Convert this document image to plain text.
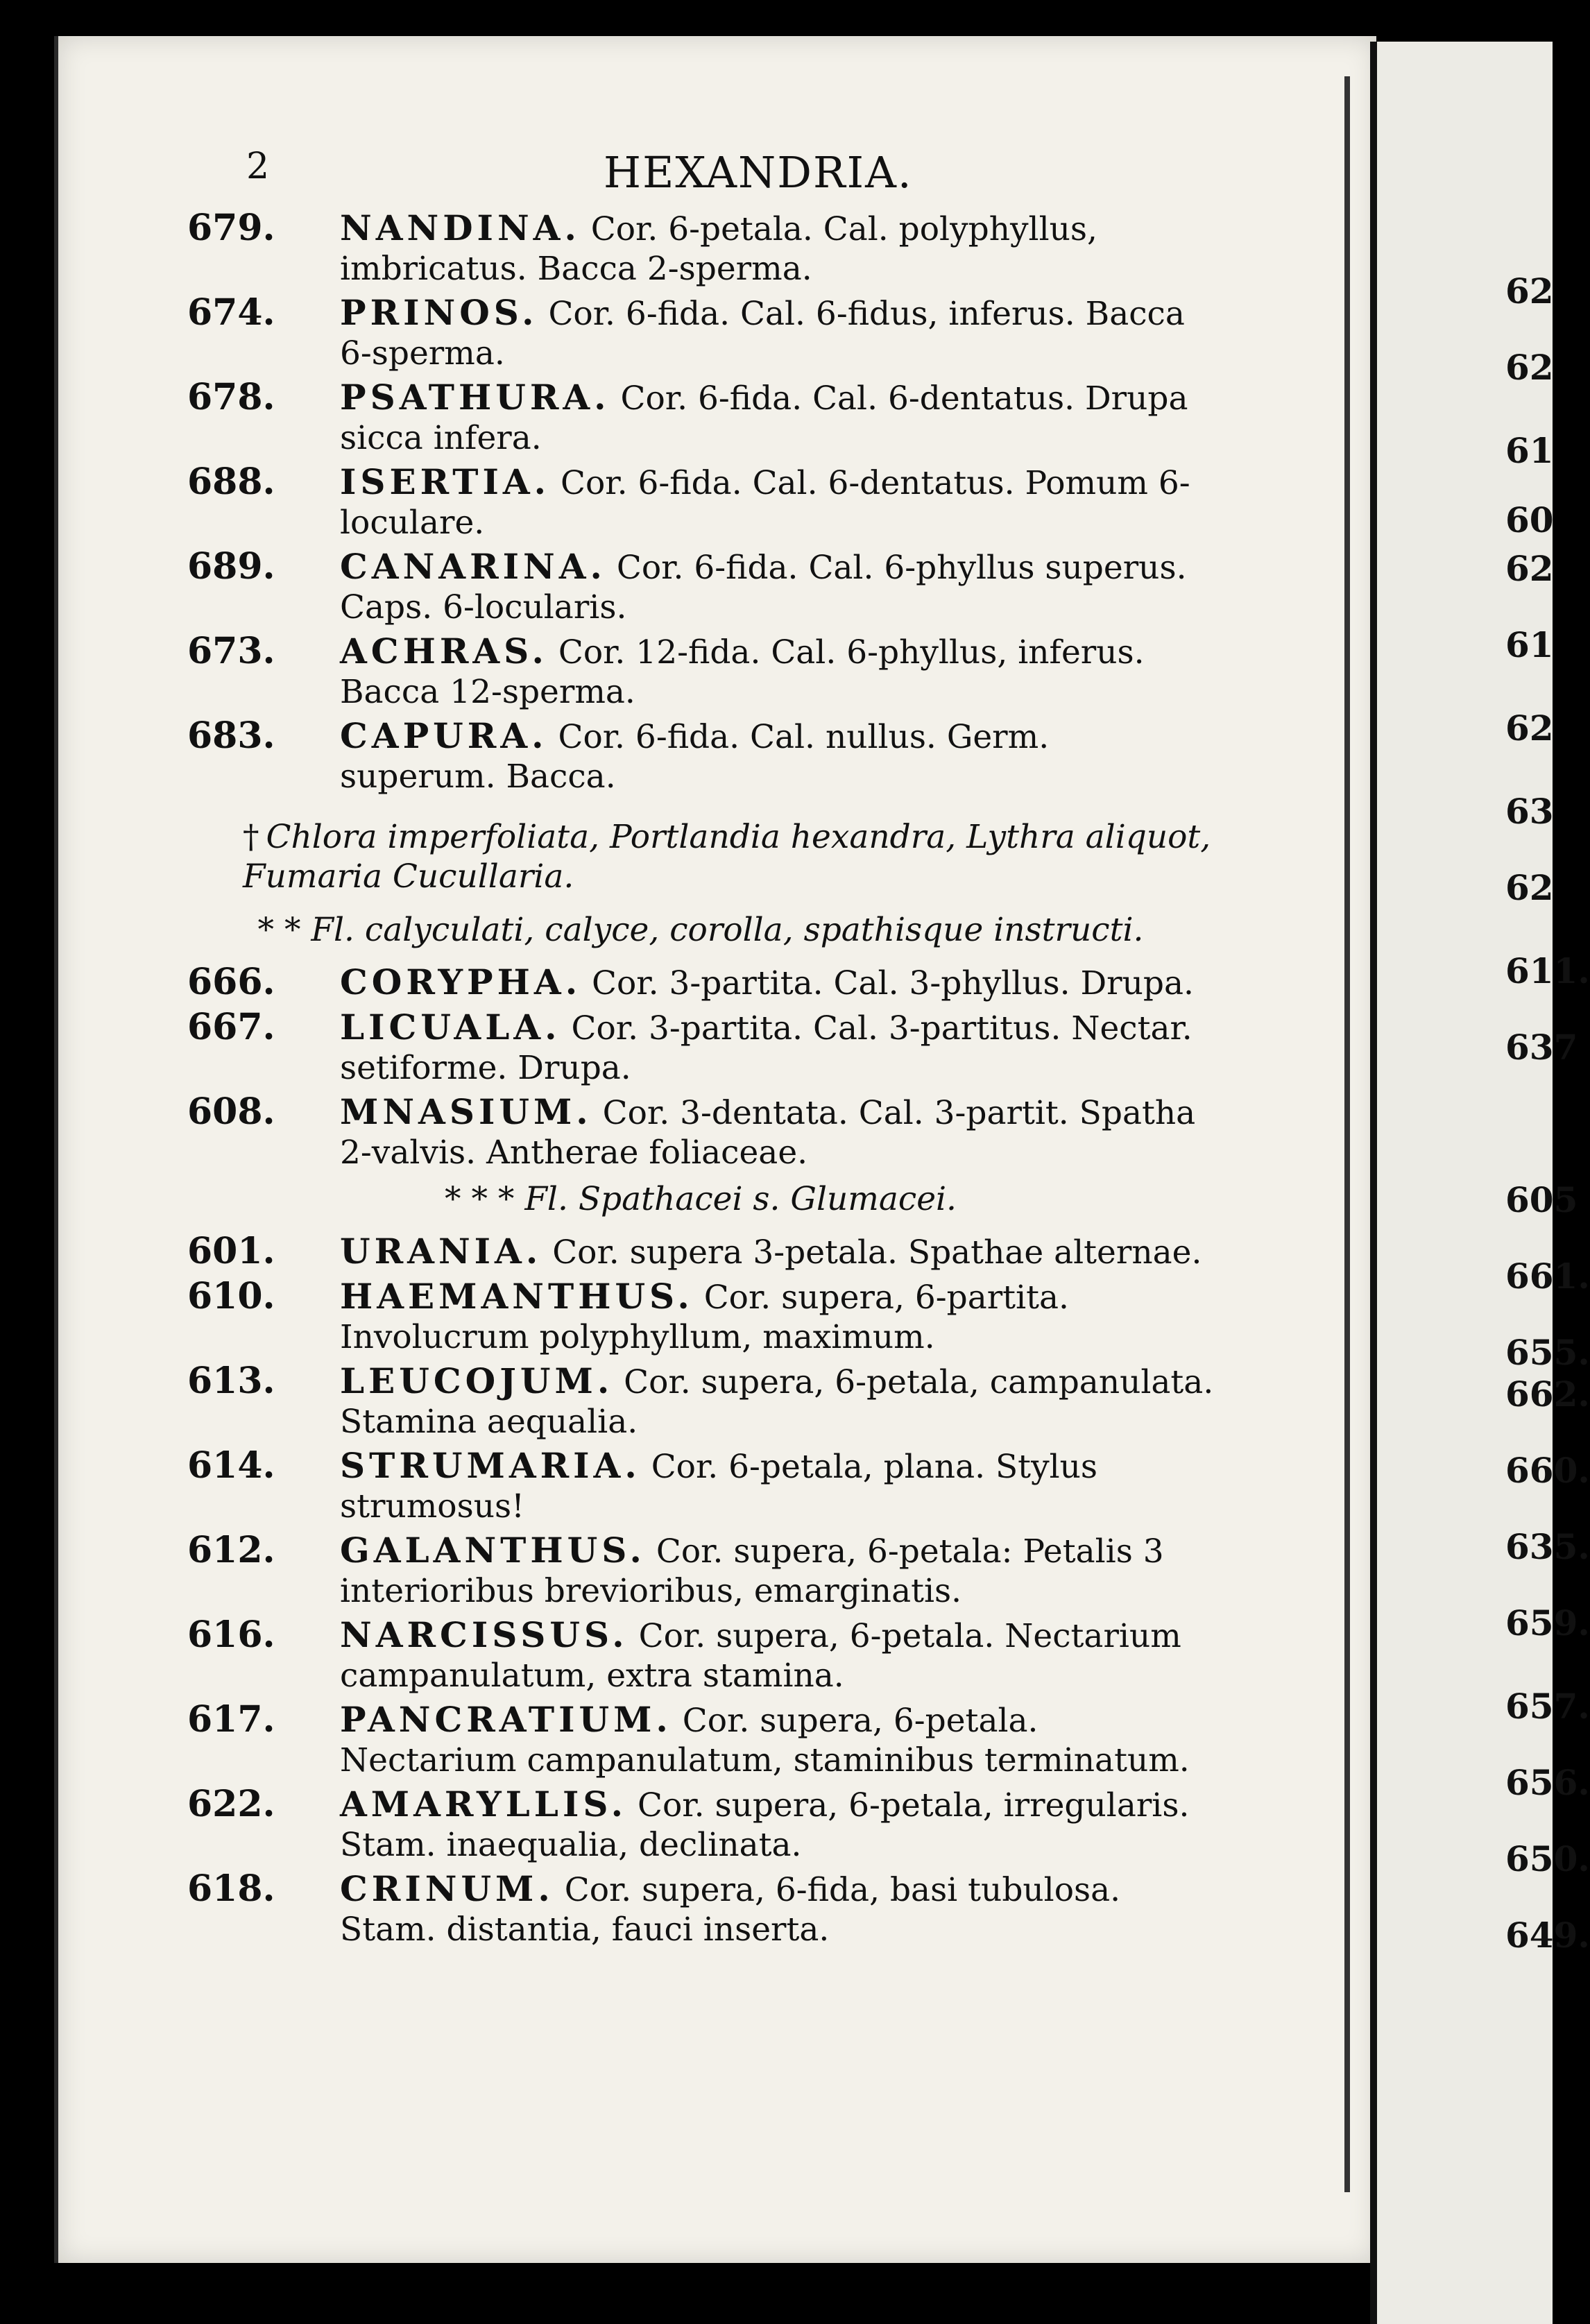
2	HEXANDRIA.
679.	NANDINA. Cor. 6-petala. Cal. polyphyllus, imbricatus. Bacca 2-sperma.
674.	PRINOS. Cor. 6-fida. Cal. 6-fidus, inferus. Bacca 6-sperma.
678.	PSATHURA. Cor. 6-fida. Cal. 6-dentatus. Drupa sicca infera.
688.	ISERTIA. Cor. 6-fida. Cal. 6-dentatus. Pomum 6-loculare.
689.	CANARINA. Cor. 6-fida. Cal. 6-phyllus superus. Caps. 6-locularis.
673.	ACHRAS. Cor. 12-fida. Cal. 6-phyllus, inferus. Bacca 12-sperma.
683.	CAPURA. Cor. 6-fida. Cal. nullus. Germ. superum. Bacca.
† Chlora imperfoliata, Portlandia hexandra, Lythra aliquot, Fumaria Cucullaria.
* * Fl. calyculati, calyce, corolla, spathisque instructi.
666.	CORYPHA. Cor. 3-partita. Cal. 3-phyllus. Drupa.
667.	LICUALA. Cor. 3-partita. Cal. 3-partitus. Nectar. setiforme. Drupa.
608.	MNASIUM. Cor. 3-dentata. Cal. 3-partit. Spatha 2-valvis. Antherae foliaceae.
* * * Fl. Spathacei s. Glumacei.
601.	URANIA. Cor. supera 3-petala. Spathae alternae.
610.	HAEMANTHUS. Cor. supera, 6-partita. Involucrum polyphyllum, maximum.
613.	LEUCOJUM. Cor. supera, 6-petala, campanulata. Stamina aequalia.
614.	STRUMARIA. Cor. 6-petala, plana. Stylus strumosus!
612.	GALANTHUS. Cor. supera, 6-petala: Petalis 3 interioribus brevioribus, emarginatis.
616.	NARCISSUS. Cor. supera, 6-petala. Nectarium campanulatum, extra stamina.
617.	PANCRATIUM. Cor. supera, 6-petala. Nectarium campanulatum, staminibus terminatum.
622.	AMARYLLIS. Cor. supera, 6-petala, irregularis. Stam. inaequalia, declinata.
618.	CRINUM. Cor. supera, 6-fida, basi tubulosa. Stam. distantia, fauci inserta.
62
62
61
60
62
61
62
63
62
611.
637
605
661.
655.
662.
660.
635.
659.
657.
656.
650.
649.
